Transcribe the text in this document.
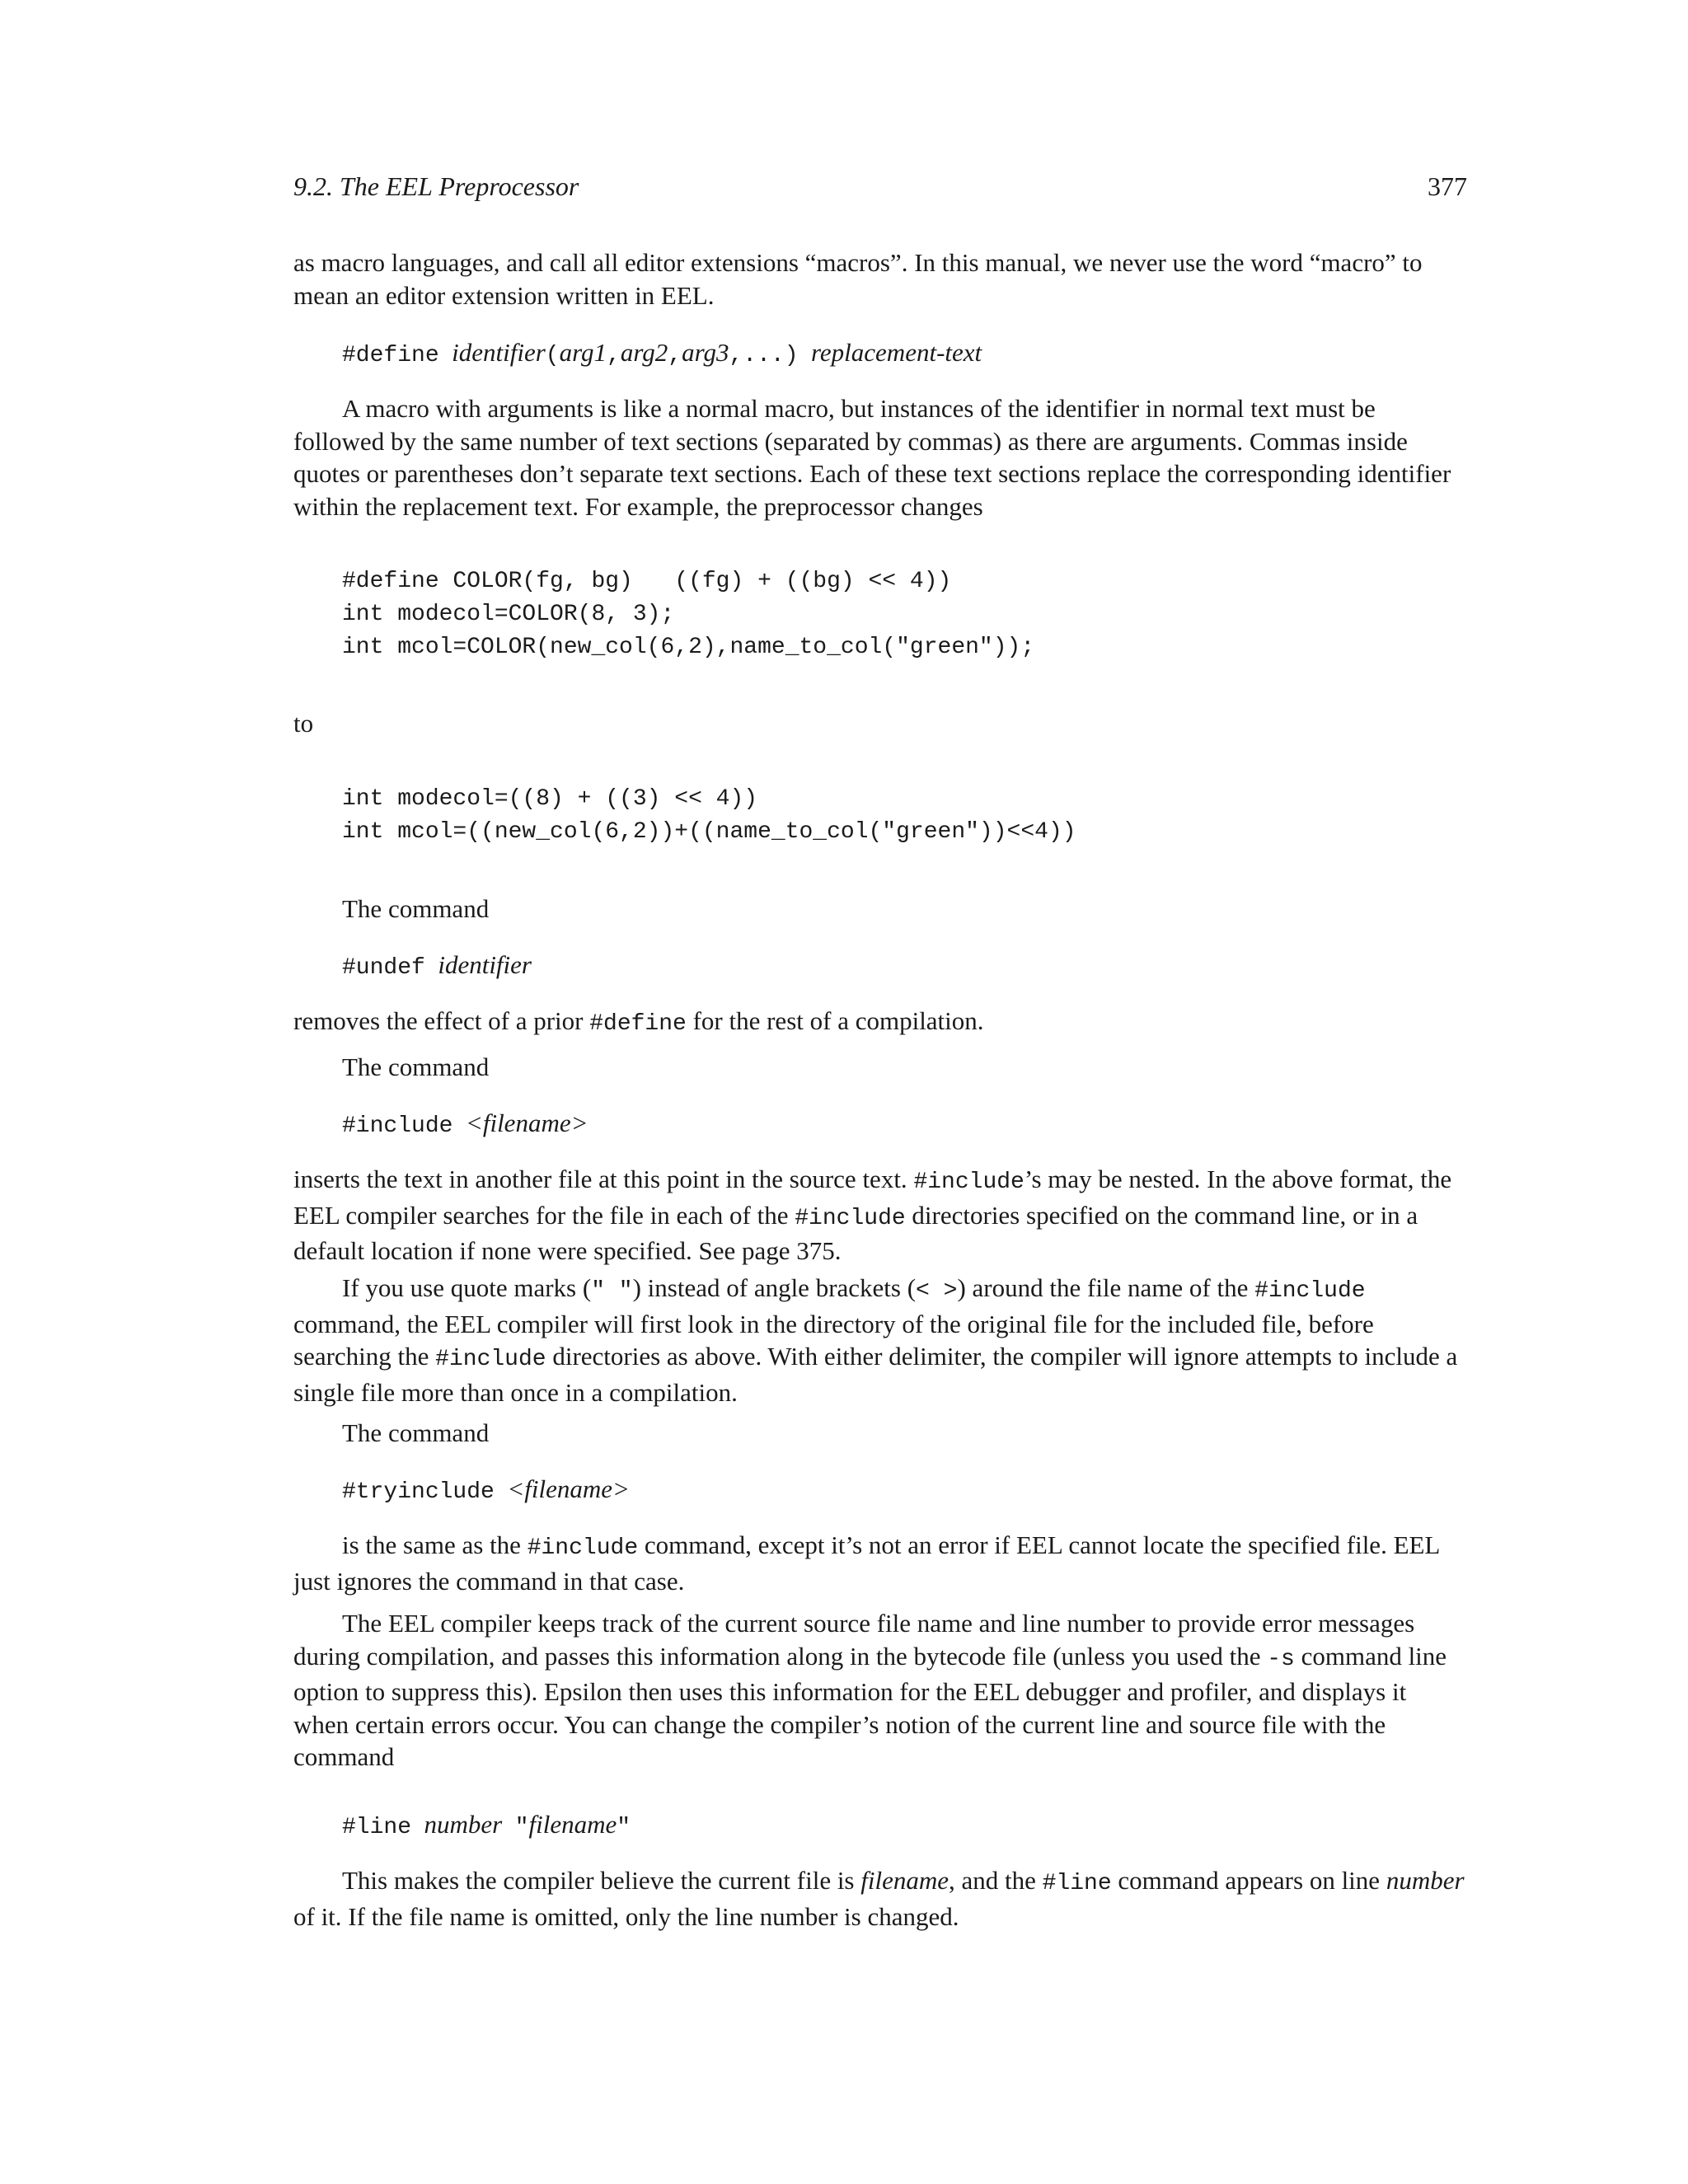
9.2. The EEL Preprocessor	377

as macro languages, and call all editor extensions “macros”. In this manual, we never use the word “macro” to mean an editor extension written in EEL.

#define identifier(arg1,arg2,arg3,...) replacement-text

A macro with arguments is like a normal macro, but instances of the identifier in normal text must be followed by the same number of text sections (separated by commas) as there are arguments. Commas inside quotes or parentheses don’t separate text sections. Each of these text sections replace the corresponding identifier within the replacement text. For example, the preprocessor changes

#define COLOR(fg, bg)   ((fg) + ((bg) << 4))
int modecol=COLOR(8, 3);
int mcol=COLOR(new_col(6,2),name_to_col("green"));

to

int modecol=((8) + ((3) << 4))
int mcol=((new_col(6,2))+((name_to_col("green"))<<4))

The command

#undef identifier

removes the effect of a prior #define for the rest of a compilation.

The command

#include <filename>

inserts the text in another file at this point in the source text. #include’s may be nested. In the above format, the EEL compiler searches for the file in each of the #include directories specified on the command line, or in a default location if none were specified. See page 375.

If you use quote marks (" ") instead of angle brackets (< >) around the file name of the #include command, the EEL compiler will first look in the directory of the original file for the included file, before searching the #include directories as above. With either delimiter, the compiler will ignore attempts to include a single file more than once in a compilation.

The command

#tryinclude <filename>

is the same as the #include command, except it’s not an error if EEL cannot locate the specified file. EEL just ignores the command in that case.

The EEL compiler keeps track of the current source file name and line number to provide error messages during compilation, and passes this information along in the bytecode file (unless you used the -s command line option to suppress this). Epsilon then uses this information for the EEL debugger and profiler, and displays it when certain errors occur. You can change the compiler’s notion of the current line and source file with the command

#line number "filename"

This makes the compiler believe the current file is filename, and the #line command appears on line number of it. If the file name is omitted, only the line number is changed.
